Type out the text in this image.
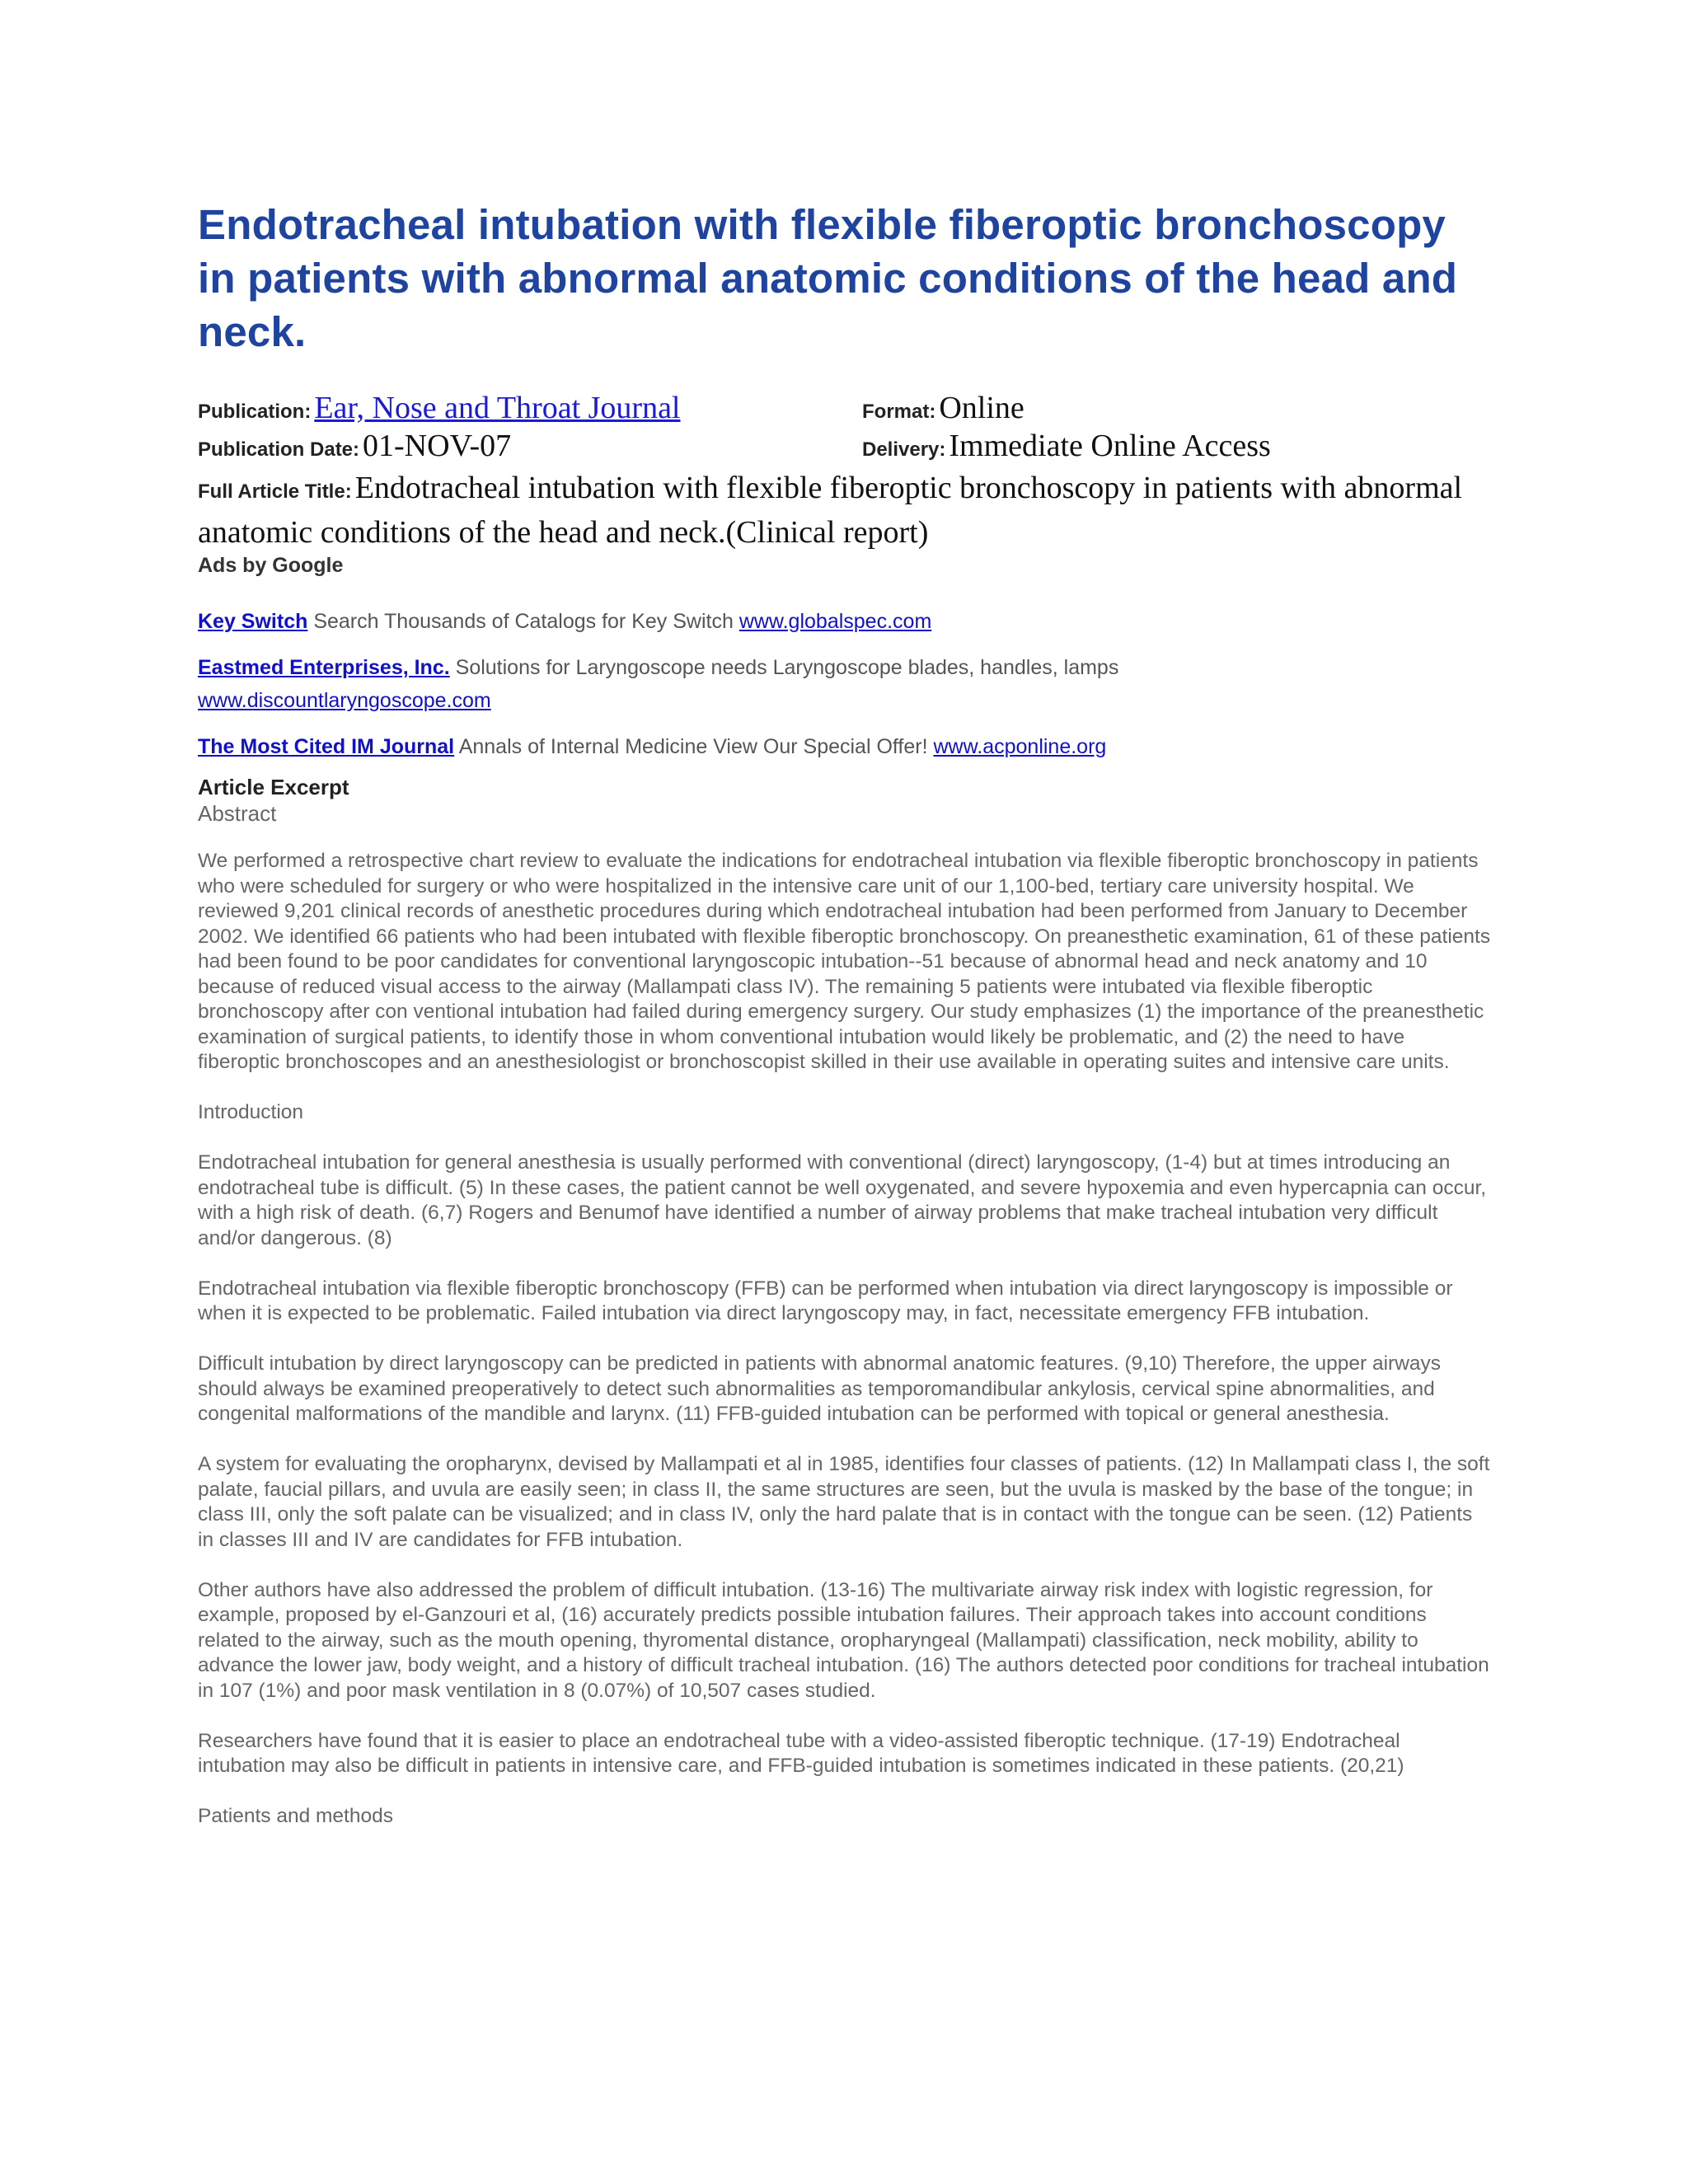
Endotracheal intubation with flexible fiberoptic bronchoscopy in patients with abnormal anatomic conditions of the head and neck.
Publication: Ear, Nose and Throat Journal	Format: Online
Publication Date: 01-NOV-07	Delivery: Immediate Online Access
Full Article Title: Endotracheal intubation with flexible fiberoptic bronchoscopy in patients with abnormal anatomic conditions of the head and neck.(Clinical report)
Ads by Google
Key Switch Search Thousands of Catalogs for Key Switch www.globalspec.com
Eastmed Enterprises, Inc. Solutions for Laryngoscope needs Laryngoscope blades, handles, lamps www.discountlaryngoscope.com
The Most Cited IM Journal Annals of Internal Medicine View Our Special Offer! www.acponline.org
Article Excerpt
Abstract

We performed a retrospective chart review to evaluate the indications for endotracheal intubation via flexible fiberoptic bronchoscopy in patients who were scheduled for surgery or who were hospitalized in the intensive care unit of our 1,100-bed, tertiary care university hospital. We reviewed 9,201 clinical records of anesthetic procedures during which endotracheal intubation had been performed from January to December 2002. We identified 66 patients who had been intubated with flexible fiberoptic bronchoscopy. On preanesthetic examination, 61 of these patients had been found to be poor candidates for conventional laryngoscopic intubation--51 because of abnormal head and neck anatomy and 10 because of reduced visual access to the airway (Mallampati class IV). The remaining 5 patients were intubated via flexible fiberoptic bronchoscopy after con ventional intubation had failed during emergency surgery. Our study emphasizes (1) the importance of the preanesthetic examination of surgical patients, to identify those in whom conventional intubation would likely be problematic, and (2) the need to have fiberoptic bronchoscopes and an anesthesiologist or bronchoscopist skilled in their use available in operating suites and intensive care units.

Introduction

Endotracheal intubation for general anesthesia is usually performed with conventional (direct) laryngoscopy, (1-4) but at times introducing an endotracheal tube is difficult. (5) In these cases, the patient cannot be well oxygenated, and severe hypoxemia and even hypercapnia can occur, with a high risk of death. (6,7) Rogers and Benumof have identified a number of airway problems that make tracheal intubation very difficult and/or dangerous. (8)

Endotracheal intubation via flexible fiberoptic bronchoscopy (FFB) can be performed when intubation via direct laryngoscopy is impossible or when it is expected to be problematic. Failed intubation via direct laryngoscopy may, in fact, necessitate emergency FFB intubation.

Difficult intubation by direct laryngoscopy can be predicted in patients with abnormal anatomic features. (9,10) Therefore, the upper airways should always be examined preoperatively to detect such abnormalities as temporomandibular ankylosis, cervical spine abnormalities, and congenital malformations of the mandible and larynx. (11) FFB-guided intubation can be performed with topical or general anesthesia.

A system for evaluating the oropharynx, devised by Mallampati et al in 1985, identifies four classes of patients. (12) In Mallampati class I, the soft palate, faucial pillars, and uvula are easily seen; in class II, the same structures are seen, but the uvula is masked by the base of the tongue; in class III, only the soft palate can be visualized; and in class IV, only the hard palate that is in contact with the tongue can be seen. (12) Patients in classes III and IV are candidates for FFB intubation.

Other authors have also addressed the problem of difficult intubation. (13-16) The multivariate airway risk index with logistic regression, for example, proposed by el-Ganzouri et al, (16) accurately predicts possible intubation failures. Their approach takes into account conditions related to the airway, such as the mouth opening, thyromental distance, oropharyngeal (Mallampati) classification, neck mobility, ability to advance the lower jaw, body weight, and a history of difficult tracheal intubation. (16) The authors detected poor conditions for tracheal intubation in 107 (1%) and poor mask ventilation in 8 (0.07%) of 10,507 cases studied.

Researchers have found that it is easier to place an endotracheal tube with a video-assisted fiberoptic technique. (17-19) Endotracheal intubation may also be difficult in patients in intensive care, and FFB-guided intubation is sometimes indicated in these patients. (20,21)

Patients and methods
